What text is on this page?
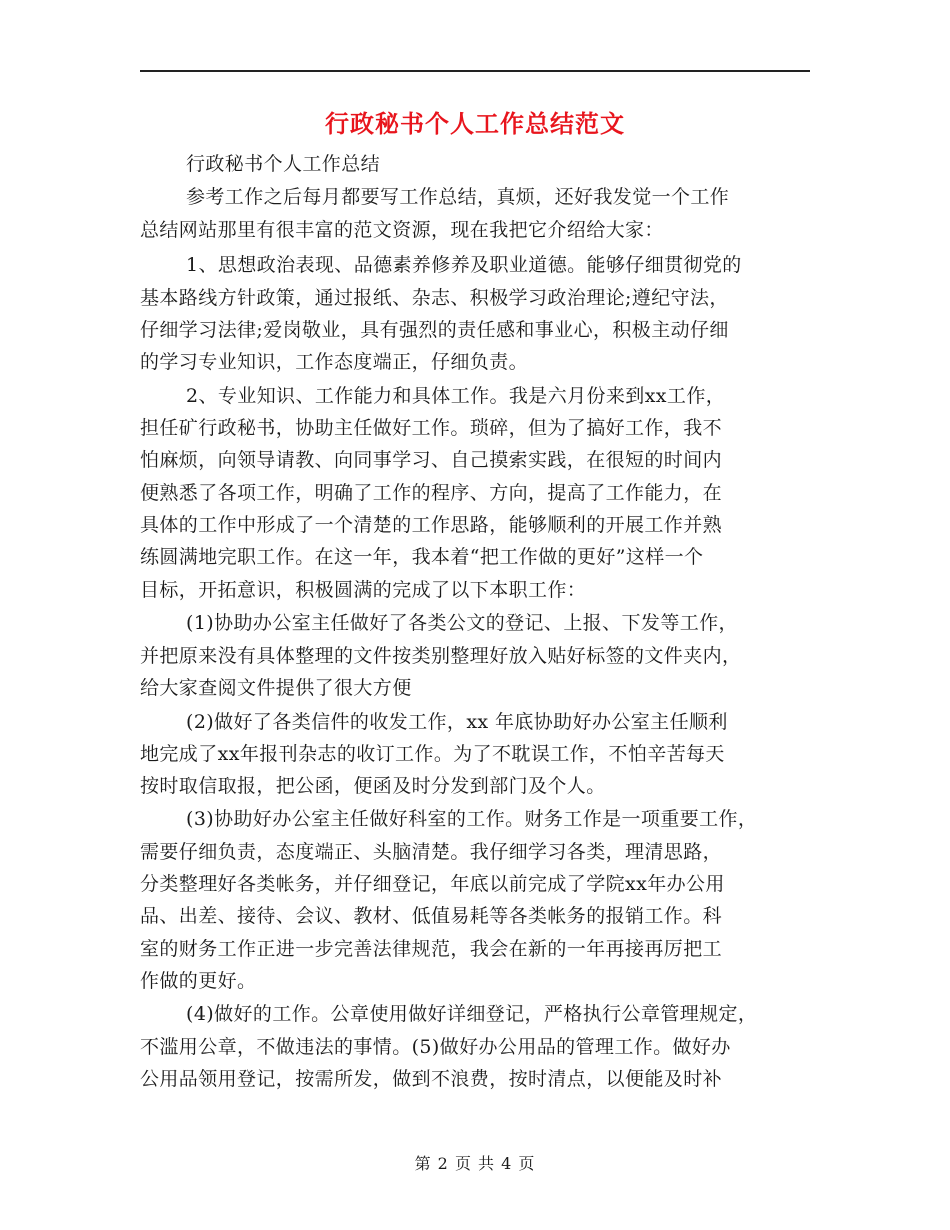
行政秘书个人工作总结范文
行政秘书个人工作总结
参考工作之后每月都要写工作总结，真烦，还好我发觉一个工作
总结网站那里有很丰富的范文资源，现在我把它介绍给大家：
1、思想政治表现、品德素养修养及职业道德。能够仔细贯彻党的
基本路线方针政策，通过报纸、杂志、积极学习政治理论;遵纪守法，
仔细学习法律;爱岗敬业，具有强烈的责任感和事业心，积极主动仔细
的学习专业知识，工作态度端正，仔细负责。
2、专业知识、工作能力和具体工作。我是六月份来到xx工作，
担任矿行政秘书，协助主任做好工作。琐碎，但为了搞好工作，我不
怕麻烦，向领导请教、向同事学习、自己摸索实践，在很短的时间内
便熟悉了各项工作，明确了工作的程序、方向，提高了工作能力，在
具体的工作中形成了一个清楚的工作思路，能够顺利的开展工作并熟
练圆满地完职工作。在这一年，我本着“把工作做的更好”这样一个
目标，开拓意识，积极圆满的完成了以下本职工作：
(1)协助办公室主任做好了各类公文的登记、上报、下发等工作，
并把原来没有具体整理的文件按类别整理好放入贴好标签的文件夹内，
给大家查阅文件提供了很大方便
(2)做好了各类信件的收发工作，xx 年底协助好办公室主任顺利
地完成了xx年报刊杂志的收订工作。为了不耽误工作，不怕辛苦每天
按时取信取报，把公函，便函及时分发到部门及个人。
(3)协助好办公室主任做好科室的工作。财务工作是一项重要工作，
需要仔细负责，态度端正、头脑清楚。我仔细学习各类，理清思路，
分类整理好各类帐务，并仔细登记，年底以前完成了学院xx年办公用
品、出差、接待、会议、教材、低值易耗等各类帐务的报销工作。科
室的财务工作正进一步完善法律规范，我会在新的一年再接再厉把工
作做的更好。
(4)做好的工作。公章使用做好详细登记，严格执行公章管理规定，
不滥用公章，不做违法的事情。(5)做好办公用品的管理工作。做好办
公用品领用登记，按需所发，做到不浪费，按时清点，以便能及时补
第 2 页 共 4 页
